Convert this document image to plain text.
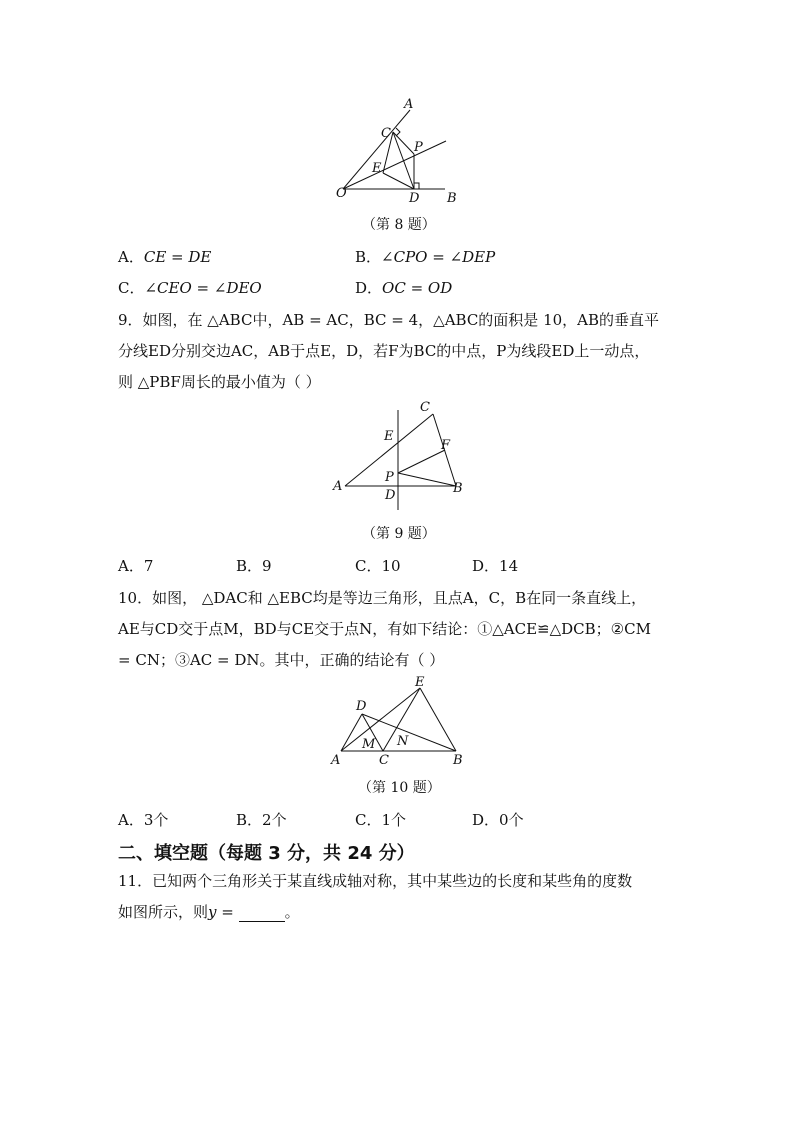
A
C
P
E
O	D B
（第 8 题）
A．CE = DE	B．∠CPO = ∠DEP
C．∠CEO = ∠DEO	D．OC = OD
9．如图，在 △ABC中，AB = AC，BC = 4，△ABC的面积是 10，AB的垂直平
分线ED分别交边AC，AB于点E，D，若F为BC的中点，P为线段ED上一动点，
则 △PBF周长的最小值为（ ）
C
E
F
P
A
D	B
（第 9 题）
A．7	B．9	C．10	D．14
10．如图， △DAC和 △EBC均是等边三角形，且点A，C，B在同一条直线上，
AE与CD交于点M，BD与CE交于点N，有如下结论：①△ACE≌△DCB；②CM
= CN；③AC = DN。其中，正确的结论有（ ）
E
D
M N
A	C	B
（第 10 题）
A．3个	B．2个	C．1个	D．0个
二、填空题（每题 3 分，共 24 分）
11．已知两个三角形关于某直线成轴对称，其中某些边的长度和某些角的度数
如图所示，则y =	。
